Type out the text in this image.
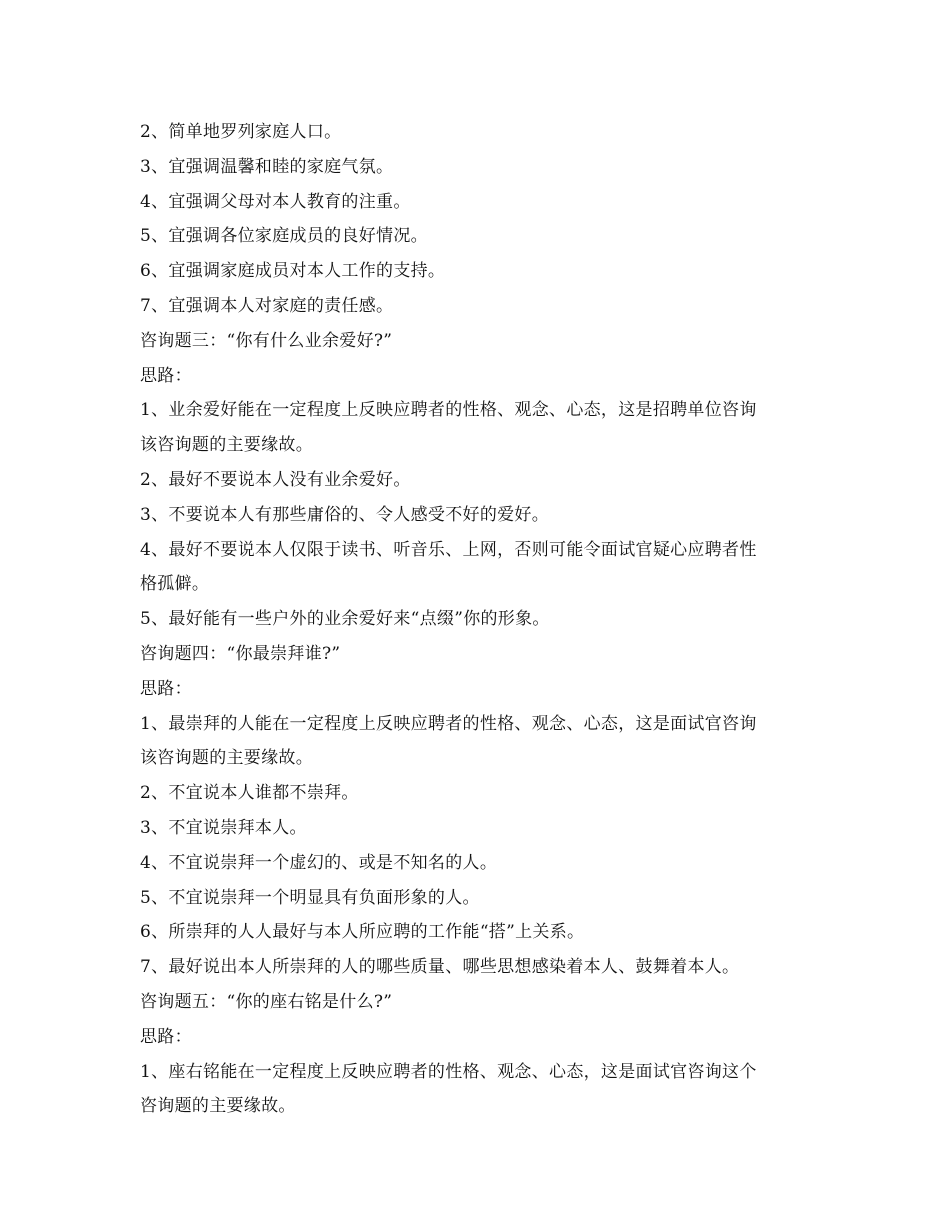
2、简单地罗列家庭人口。

3、宜强调温馨和睦的家庭气氛。

4、宜强调父母对本人教育的注重。

5、宜强调各位家庭成员的良好情况。

6、宜强调家庭成员对本人工作的支持。

7、宜强调本人对家庭的责任感。

咨询题三：“你有什么业余爱好?”

思路：

1、业余爱好能在一定程度上反映应聘者的性格、观念、心态，这是招聘单位咨询

该咨询题的主要缘故。

2、最好不要说本人没有业余爱好。

3、不要说本人有那些庸俗的、令人感受不好的爱好。

4、最好不要说本人仅限于读书、听音乐、上网，否则可能令面试官疑心应聘者性

格孤僻。

5、最好能有一些户外的业余爱好来“点缀”你的形象。

咨询题四：“你最崇拜谁?”

思路：

1、最崇拜的人能在一定程度上反映应聘者的性格、观念、心态，这是面试官咨询

该咨询题的主要缘故。

2、不宜说本人谁都不崇拜。

3、不宜说崇拜本人。

4、不宜说崇拜一个虚幻的、或是不知名的人。

5、不宜说崇拜一个明显具有负面形象的人。

6、所崇拜的人人最好与本人所应聘的工作能“搭”上关系。

7、最好说出本人所崇拜的人的哪些质量、哪些思想感染着本人、鼓舞着本人。

咨询题五：“你的座右铭是什么?”

思路：

1、座右铭能在一定程度上反映应聘者的性格、观念、心态，这是面试官咨询这个

咨询题的主要缘故。
